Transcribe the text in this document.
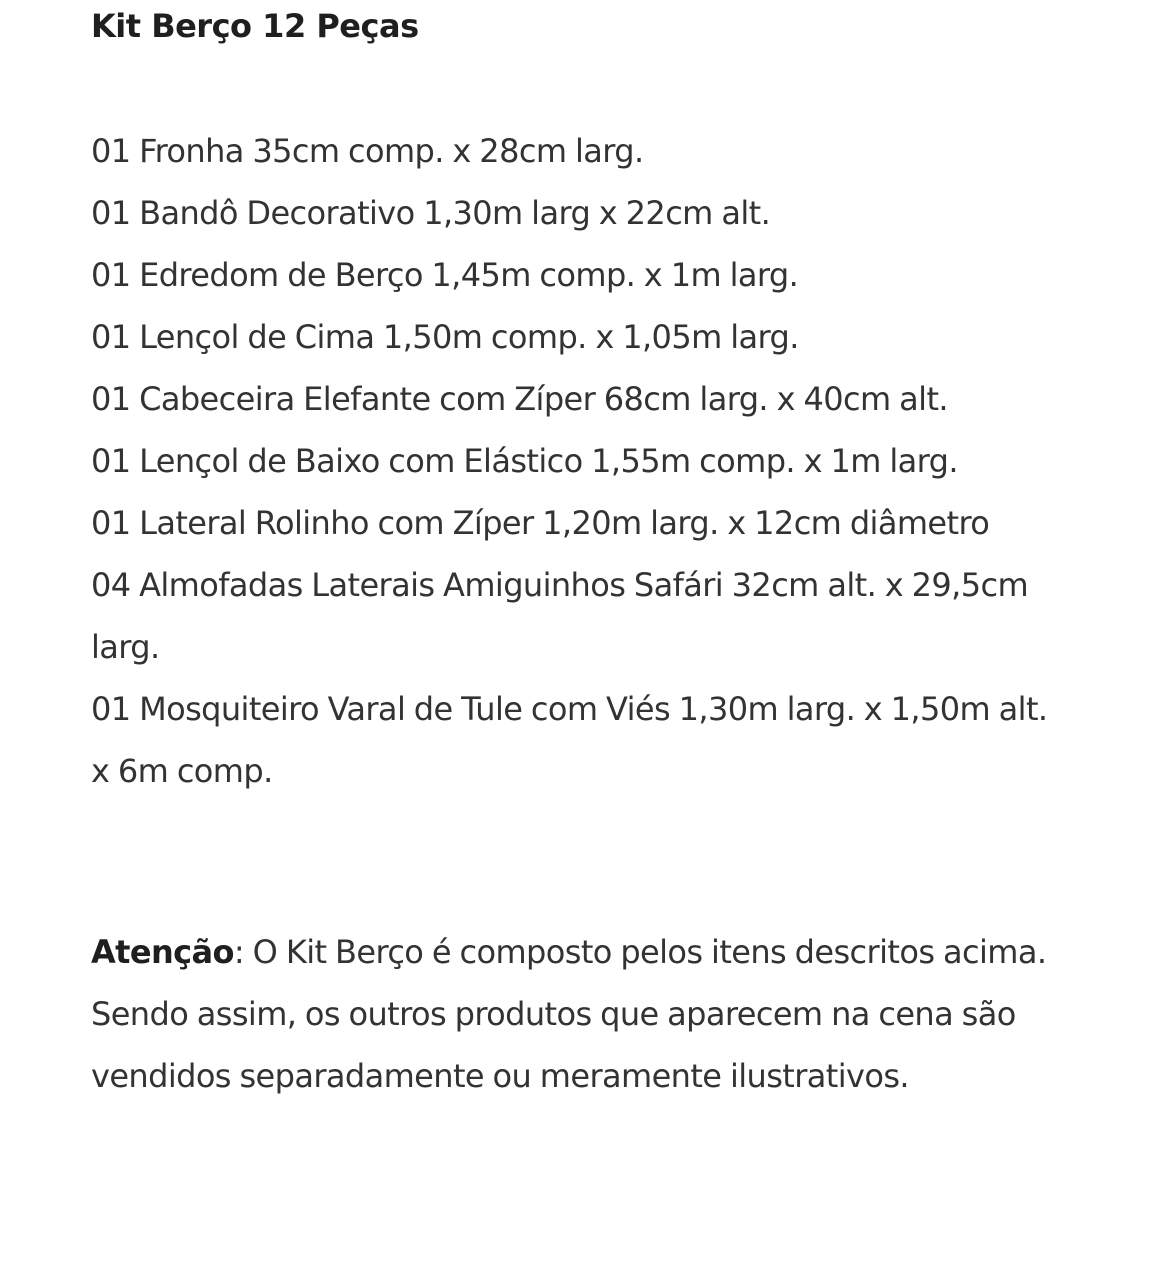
Kit Berço 12 Peças
01 Fronha 35cm comp. x 28cm larg.
01 Bandô Decorativo 1,30m larg x 22cm alt.
01 Edredom de Berço 1,45m comp. x 1m larg.
01 Lençol de Cima 1,50m comp. x 1,05m larg.
01 Cabeceira Elefante com Zíper 68cm larg. x 40cm alt.
01 Lençol de Baixo com Elástico 1,55m comp. x 1m larg.
01 Lateral Rolinho com Zíper 1,20m larg. x 12cm diâmetro
04 Almofadas Laterais Amiguinhos Safári 32cm alt. x 29,5cm larg.
01 Mosquiteiro Varal de Tule com Viés 1,30m larg. x 1,50m alt. x 6m comp.

Atenção: O Kit Berço é composto pelos itens descritos acima. Sendo assim, os outros produtos que aparecem na cena são vendidos separadamente ou meramente ilustrativos.
